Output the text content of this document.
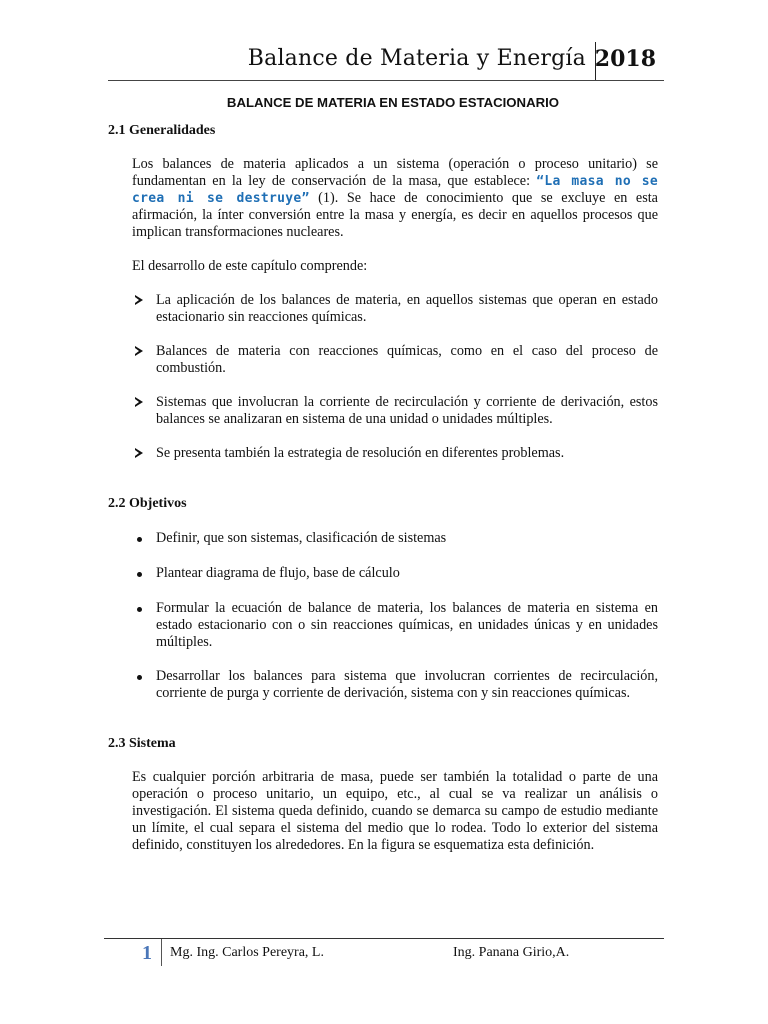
Balance de Materia y Energía 2018
BALANCE DE MATERIA EN ESTADO ESTACIONARIO
2.1 Generalidades

Los balances de materia aplicados a un sistema (operación o proceso unitario) se fundamentan en la ley de conservación de la masa, que establece: “La masa no se crea ni se destruye” (1). Se hace de conocimiento que se excluye en esta afirmación, la ínter conversión entre la masa y energía, es decir en aquellos procesos que implican transformaciones nucleares.

El desarrollo de este capítulo comprende:

La aplicación de los balances de materia, en aquellos sistemas que operan en estado estacionario sin reacciones químicas.
Balances de materia con reacciones químicas, como en el caso del proceso de combustión.
Sistemas que involucran la corriente de recirculación y corriente de derivación, estos balances se analizaran en sistema de una unidad o unidades múltiples.
Se presenta también la estrategia de resolución en diferentes problemas.
2.2 Objetivos
Definir, que son sistemas, clasificación de sistemas
Plantear diagrama de flujo, base de cálculo
Formular la ecuación de balance de materia, los balances de materia en sistema en estado estacionario con o sin reacciones químicas, en unidades únicas y en unidades múltiples.
Desarrollar los balances para sistema que involucran corrientes de recirculación, corriente de purga y corriente de derivación, sistema con y sin reacciones químicas.
2.3 Sistema

Es cualquier porción arbitraria de masa, puede ser también la totalidad o parte de una operación o proceso unitario, un equipo, etc., al cual se va realizar un análisis o investigación. El sistema queda definido, cuando se demarca su campo de estudio mediante un límite, el cual separa el sistema del medio que lo rodea. Todo lo exterior del sistema definido, constituyen los alrededores. En la figura se esquematiza esta definición.

1 Mg. Ing. Carlos Pereyra, L.	Ing. Panana Girio,A.
